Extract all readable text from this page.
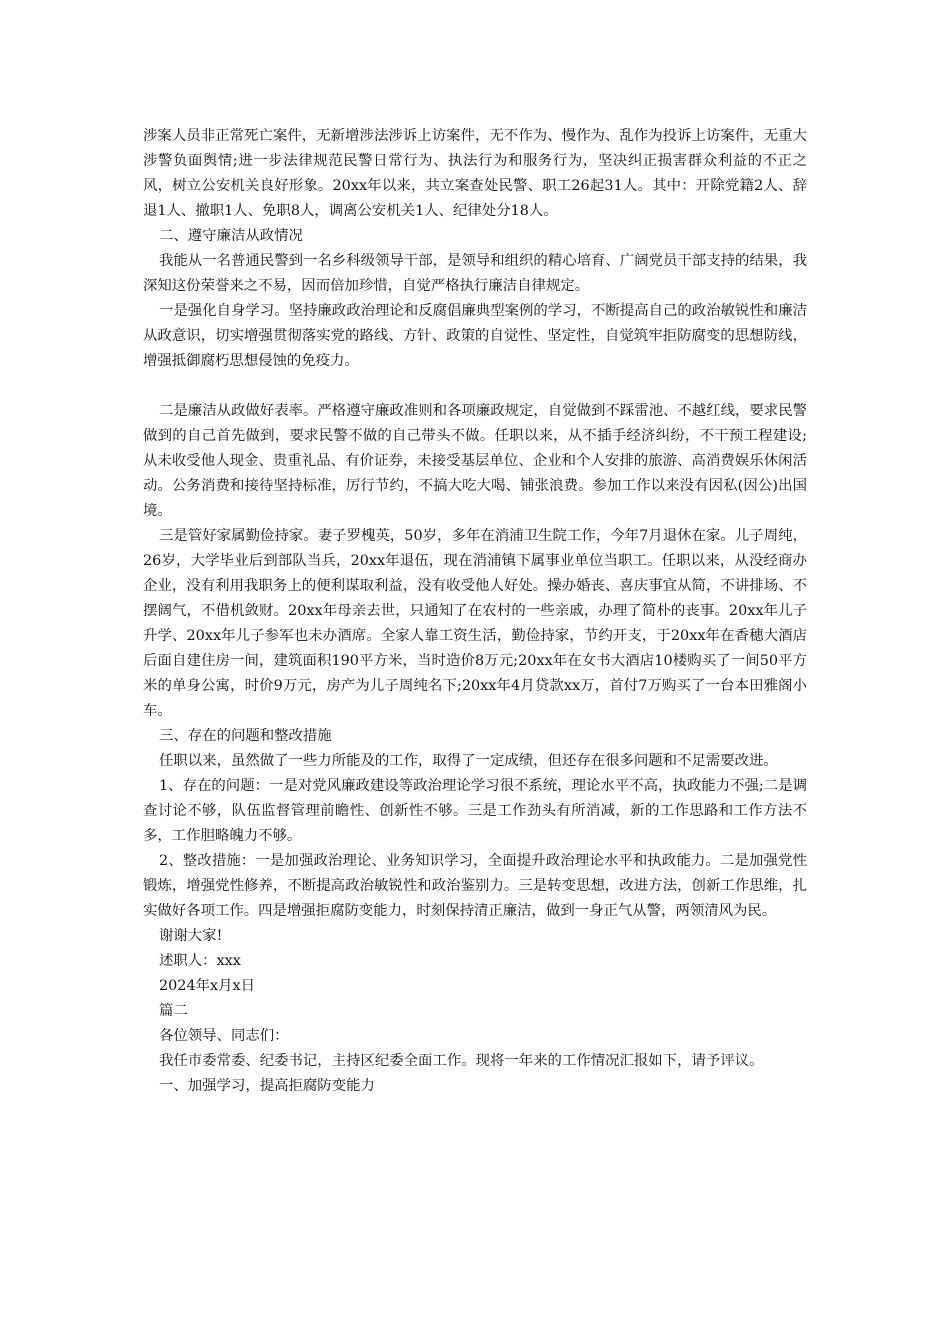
涉案人员非正常死亡案件，无新增涉法涉诉上访案件，无不作为、慢作为、乱作为投诉上访案件，无重大涉警负面舆情;进一步法律规范民警日常行为、执法行为和服务行为，坚决纠正损害群众利益的不正之风，树立公安机关良好形象。20xx年以来，共立案查处民警、职工26起31人。其中：开除党籍2人、辞退1人、撤职1人、免职8人，调离公安机关1人、纪律处分18人。

二、遵守廉洁从政情况

我能从一名普通民警到一名乡科级领导干部，是领导和组织的精心培育、广阔党员干部支持的结果，我深知这份荣誉来之不易，因而倍加珍惜，自觉严格执行廉洁自律规定。

一是强化自身学习。坚持廉政政治理论和反腐倡廉典型案例的学习，不断提高自己的政治敏锐性和廉洁从政意识，切实增强贯彻落实党的路线、方针、政策的自觉性、坚定性，自觉筑牢拒防腐变的思想防线，增强抵御腐朽思想侵蚀的免疫力。

二是廉洁从政做好表率。严格遵守廉政准则和各项廉政规定，自觉做到不踩雷池、不越红线，要求民警做到的自己首先做到，要求民警不做的自己带头不做。任职以来，从不插手经济纠纷，不干预工程建设;从未收受他人现金、贵重礼品、有价证券，未接受基层单位、企业和个人安排的旅游、高消费娱乐休闲活动。公务消费和接待坚持标准，厉行节约，不搞大吃大喝、铺张浪费。参加工作以来没有因私(因公)出国境。

三是管好家属勤俭持家。妻子罗槐英，50岁，多年在消浦卫生院工作，今年7月退休在家。儿子周纯，26岁，大学毕业后到部队当兵，20xx年退伍，现在消浦镇下属事业单位当职工。任职以来，从没经商办企业，没有利用我职务上的便利谋取利益，没有收受他人好处。操办婚丧、喜庆事宜从简，不讲排场、不摆阔气，不借机敛财。20xx年母亲去世，只通知了在农村的一些亲戚，办理了简朴的丧事。20xx年儿子升学、20xx年儿子参军也未办酒席。全家人靠工资生活，勤俭持家，节约开支，于20xx年在香穗大酒店后面自建住房一间，建筑面积190平方米，当时造价8万元;20xx年在女书大酒店10楼购买了一间50平方米的单身公寓，时价9万元，房产为儿子周纯名下;20xx年4月贷款xx万，首付7万购买了一台本田雅阁小车。

三、存在的问题和整改措施

任职以来，虽然做了一些力所能及的工作，取得了一定成绩，但还存在很多问题和不足需要改进。

1、存在的问题：一是对党风廉政建设等政治理论学习很不系统，理论水平不高，执政能力不强;二是调查讨论不够，队伍监督管理前瞻性、创新性不够。三是工作劲头有所消减，新的工作思路和工作方法不多，工作胆略魄力不够。

2、整改措施：一是加强政治理论、业务知识学习，全面提升政治理论水平和执政能力。二是加强党性锻炼，增强党性修养，不断提高政治敏锐性和政治鉴别力。三是转变思想，改进方法，创新工作思维，扎实做好各项工作。四是增强拒腐防变能力，时刻保持清正廉洁，做到一身正气从警，两领清风为民。

谢谢大家!

述职人：xxx

2024年x月x日

篇二

各位领导、同志们：

我任市委常委、纪委书记，主持区纪委全面工作。现将一年来的工作情况汇报如下，请予评议。

一、加强学习，提高拒腐防变能力
